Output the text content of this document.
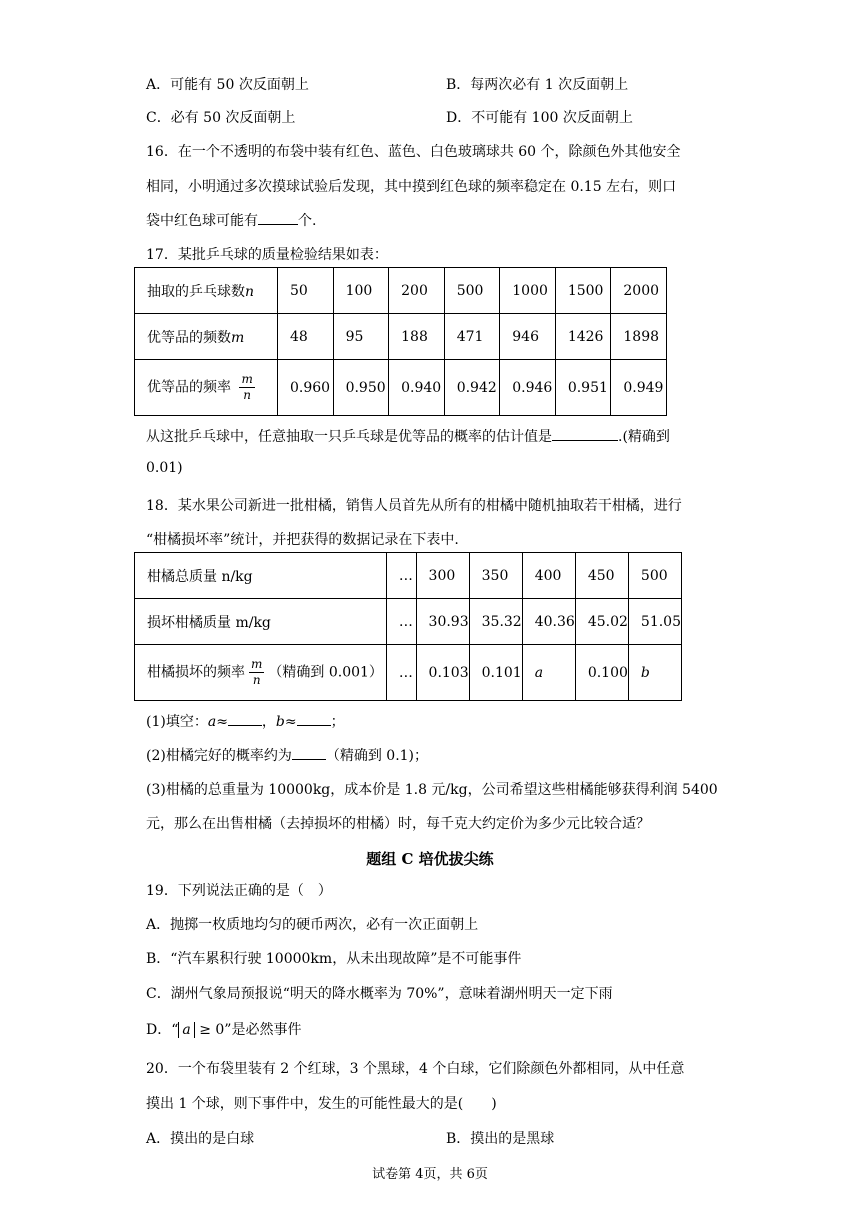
A．可能有 50 次反面朝上	B．每两次必有 1 次反面朝上
C．必有 50 次反面朝上	D．不可能有 100 次反面朝上
16．在一个不透明的布袋中装有红色、蓝色、白色玻璃球共 60 个，除颜色外其他安全
相同，小明通过多次摸球试验后发现，其中摸到红色球的频率稳定在 0.15 左右，则口
袋中红色球可能有	个.
17．某批乒乓球的质量检验结果如表：
抽取的乒乓球数n	50	100	200	500	1000	1500	2000
优等品的频数m	48	95	188	471	946	1426	1898
优等品的频率 $\frac{m}{n}$	0.960	0.950	0.940	0.942	0.946	0.951	0.949
从这批乒乓球中，任意抽取一只乒乓球是优等品的概率的估计值是	.(精确到
0.01)
18．某水果公司新进一批柑橘，销售人员首先从所有的柑橘中随机抽取若干柑橘，进行
“柑橘损坏率”统计，并把获得的数据记录在下表中.
柑橘总质量 n/kg	…	300	350	400	450	500
损坏柑橘质量 m/kg	…	30.93	35.32	40.36	45.02	51.05
柑橘损坏的频率 $\frac{m}{n}$ （精确到 0.001）	…	0.103	0.101	a	0.100	b
(1)填空：a≈ ，b≈ ；
(2)柑橘完好的概率约为 （精确到 0.1)；
(3)柑橘的总重量为 10000kg，成本价是 1.8 元/kg，公司希望这些柑橘能够获得利润 5400
元，那么在出售柑橘（去掉损坏的柑橘）时，每千克大约定价为多少元比较合适？
题组 C 培优拔尖练
19．下列说法正确的是（　）
A．抛掷一枚质地均匀的硬币两次，必有一次正面朝上
B．“汽车累积行驶 10000km，从未出现故障”是不可能事件
C．湖州气象局预报说“明天的降水概率为 70%”，意味着湖州明天一定下雨
D．“ a ≥ 0”是必然事件
20．一个布袋里装有 2 个红球，3 个黑球，4 个白球，它们除颜色外都相同，从中任意
摸出 1 个球，则下事件中，发生的可能性最大的是(　　)
A．摸出的是白球	B．摸出的是黑球
试卷第 4页，共 6页
